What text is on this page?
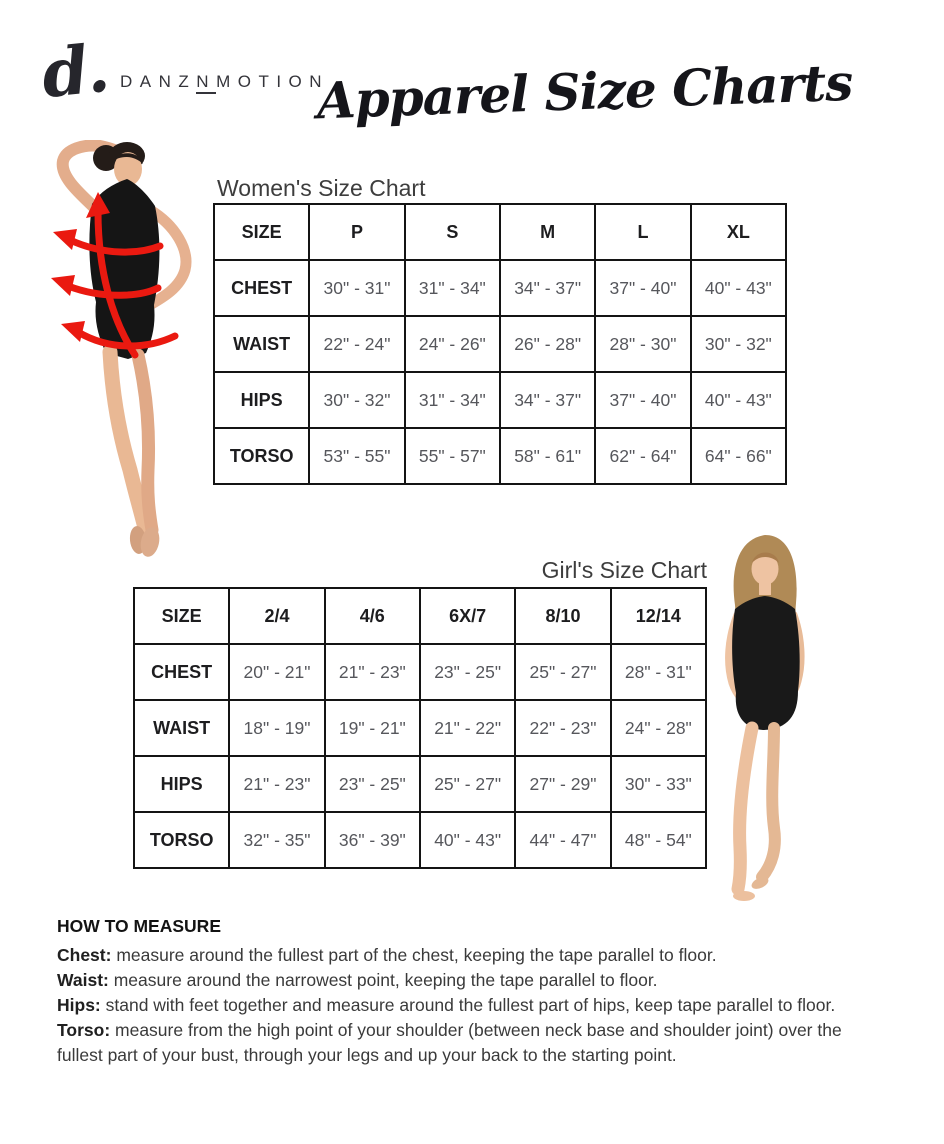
d. DANZNMOTION
Apparel Size Charts
Women's Size Chart
SIZE	P	S	M	L	XL
CHEST	30" - 31"	31" - 34"	34" - 37"	37" - 40"	40" - 43"
WAIST	22" - 24"	24" - 26"	26" - 28"	28" - 30"	30" - 32"
HIPS	30" - 32"	31" - 34"	34" - 37"	37" - 40"	40" - 43"
TORSO	53" - 55"	55" - 57"	58" - 61"	62" - 64"	64" - 66"
Girl's Size Chart
SIZE	2/4	4/6	6X/7	8/10	12/14
CHEST	20" - 21"	21" - 23"	23" - 25"	25" - 27"	28" - 31"
WAIST	18" - 19"	19" - 21"	21" - 22"	22" - 23"	24" - 28"
HIPS	21" - 23"	23" - 25"	25" - 27"	27" - 29"	30" - 33"
TORSO	32" - 35"	36" - 39"	40" - 43"	44" - 47"	48" - 54"
HOW TO MEASURE

Chest: measure around the fullest part of the chest, keeping the tape parallel to floor.

Waist: measure around the narrowest point, keeping the tape parallel to floor.

Hips: stand with feet together and measure around the fullest part of hips, keep tape parallel to floor.

Torso: measure from the high point of your shoulder (between neck base and shoulder joint) over the fullest part of your bust, through your legs and up your back to the starting point.
